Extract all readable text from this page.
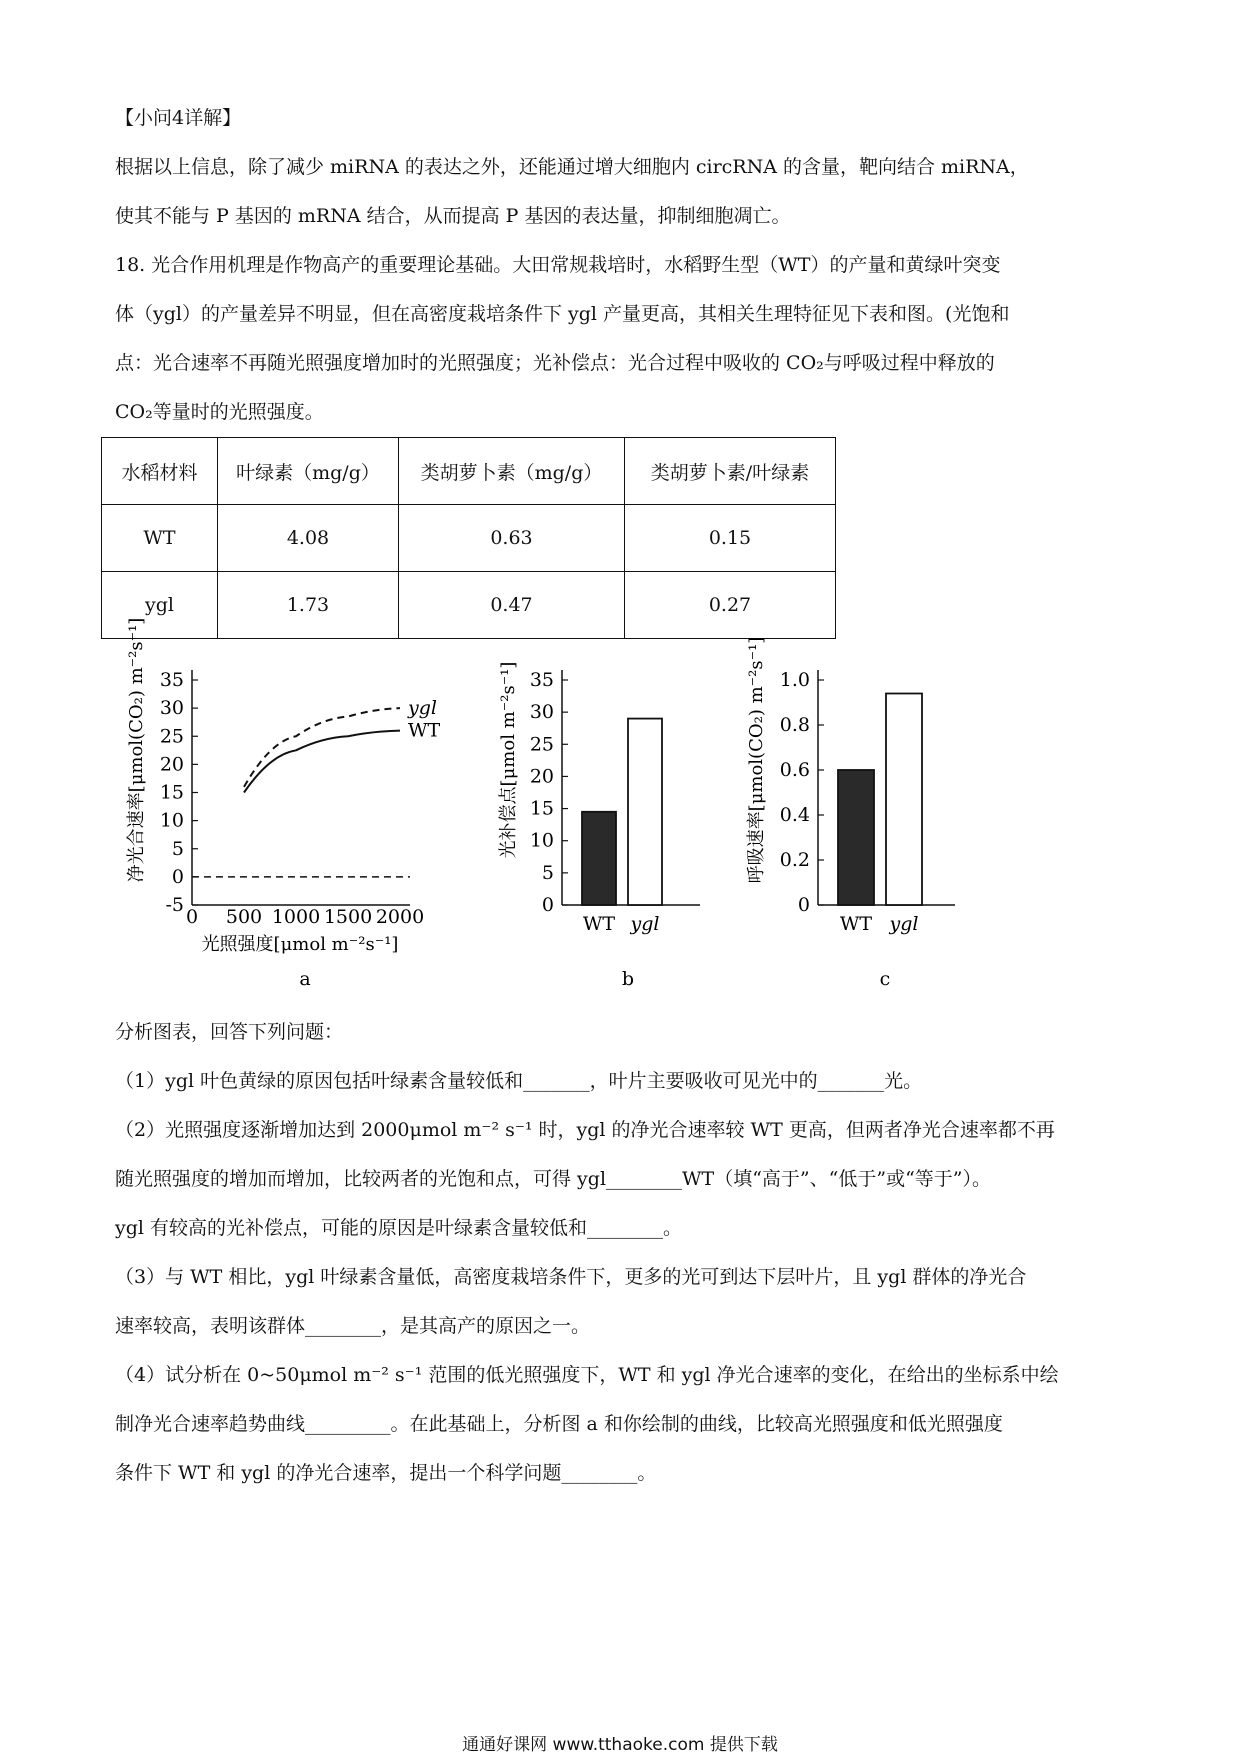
【小问4详解】
根据以上信息，除了减少 miRNA 的表达之外，还能通过增大细胞内 circRNA 的含量，靶向结合 miRNA，
使其不能与 P 基因的 mRNA 结合，从而提高 P 基因的表达量，抑制细胞凋亡。
18. 光合作用机理是作物高产的重要理论基础。大田常规栽培时，水稻野生型（WT）的产量和黄绿叶突变
体（ygl）的产量差异不明显，但在高密度栽培条件下 ygl 产量更高，其相关生理特征见下表和图。(光饱和
点：光合速率不再随光照强度增加时的光照强度；光补偿点：光合过程中吸收的 CO₂与呼吸过程中释放的
CO₂等量时的光照强度。
水稻材料	叶绿素（mg/g）	类胡萝卜素（mg/g）	类胡萝卜素/叶绿素
WT	4.08	0.63	0.15
ygl	1.73	0.47	0.27
净光合速率[μmol(CO₂) m⁻²s⁻¹]
光照强度[μmol m⁻²s⁻¹]
a
35
30
25
20
15
10
5
0
-5
0 500 1000 1500 2000
ygl
WT	光补偿点[μmol m⁻²s⁻¹]
b
35
30
25
20
15
10
5
0
WT ygl
呼吸速率[μmol(CO₂) m⁻²s⁻¹]
c
1.0
0.8
0.6
0.4
0.2
0
WT ygl
分析图表，回答下列问题：
（1）ygl 叶色黄绿的原因包括叶绿素含量较低和_______，叶片主要吸收可见光中的_______光。
（2）光照强度逐渐增加达到 2000μmol m⁻² s⁻¹ 时，ygl 的净光合速率较 WT 更高，但两者净光合速率都不再
随光照强度的增加而增加，比较两者的光饱和点，可得 ygl________WT（填“高于”、“低于”或“等于”）。
ygl 有较高的光补偿点，可能的原因是叶绿素含量较低和________。
（3）与 WT 相比，ygl 叶绿素含量低，高密度栽培条件下，更多的光可到达下层叶片，且 ygl 群体的净光合
速率较高，表明该群体________，是其高产的原因之一。
（4）试分析在 0~50μmol m⁻² s⁻¹ 范围的低光照强度下，WT 和 ygl 净光合速率的变化，在给出的坐标系中绘
制净光合速率趋势曲线_________。在此基础上，分析图 a 和你绘制的曲线，比较高光照强度和低光照强度
条件下 WT 和 ygl 的净光合速率，提出一个科学问题________。
通通好课网 www.tthaoke.com 提供下载
